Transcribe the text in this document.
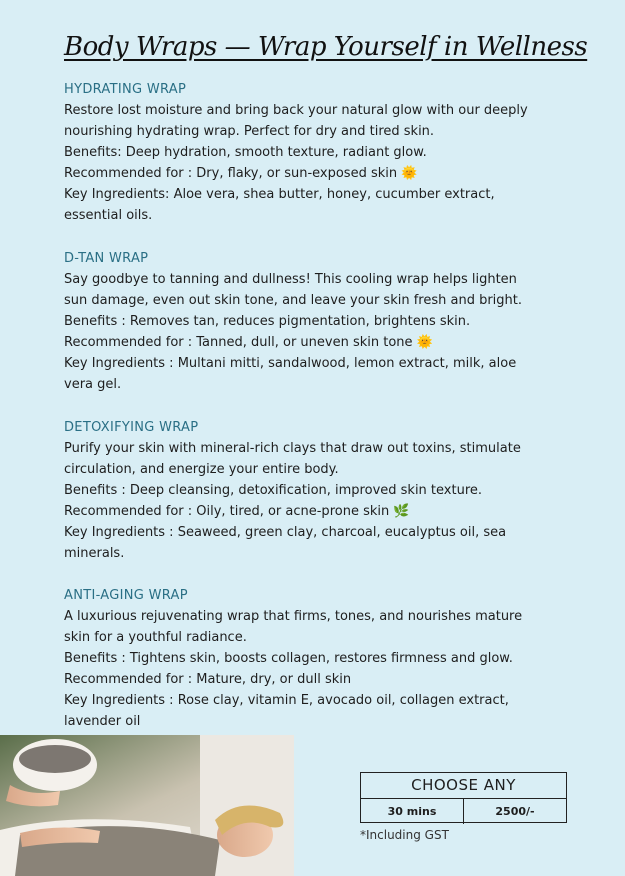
Body Wraps — Wrap Yourself in Wellness
HYDRATING WRAP
Restore lost moisture and bring back your natural glow with our deeply
nourishing hydrating wrap. Perfect for dry and tired skin.
Benefits: Deep hydration, smooth texture, radiant glow.
Recommended for : Dry, flaky, or sun-exposed skin 🌞
Key Ingredients: Aloe vera, shea butter, honey, cucumber extract,
essential oils.
D-TAN WRAP
Say goodbye to tanning and dullness! This cooling wrap helps lighten
sun damage, even out skin tone, and leave your skin fresh and bright.
Benefits : Removes tan, reduces pigmentation, brightens skin.
Recommended for : Tanned, dull, or uneven skin tone 🌞
Key Ingredients : Multani mitti, sandalwood, lemon extract, milk, aloe
vera gel.
DETOXIFYING WRAP
Purify your skin with mineral-rich clays that draw out toxins, stimulate
circulation, and energize your entire body.
Benefits : Deep cleansing, detoxification, improved skin texture.
Recommended for : Oily, tired, or acne-prone skin 🌿
Key Ingredients : Seaweed, green clay, charcoal, eucalyptus oil, sea
minerals.
ANTI-AGING WRAP
A luxurious rejuvenating wrap that firms, tones, and nourishes mature
skin for a youthful radiance.
Benefits : Tightens skin, boosts collagen, restores firmness and glow.
Recommended for : Mature, dry, or dull skin
Key Ingredients : Rose clay, vitamin E, avocado oil, collagen extract,
lavender oil
CHOOSE ANY
30 mins	2500/-
*Including GST
